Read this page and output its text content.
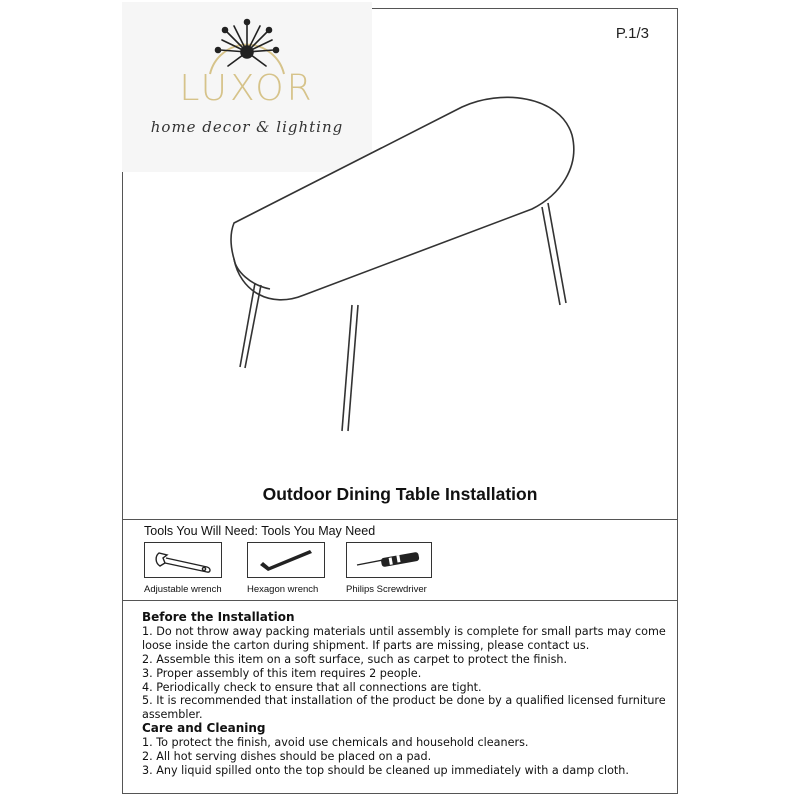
P.1/3
LUXOR
home decor & lighting
Outdoor Dining Table Installation
Tools You Will Need: Tools You May Need
Adjustable wrench	Hexagon wrench	Philips Screwdriver
Before the Installation

1. Do not throw away packing materials until assembly is complete for small parts may come loose inside the carton during shipment. If parts are missing, please contact us.

2. Assemble this item on a soft surface, such as carpet to protect the finish.

3. Proper assembly of this item requires 2 people.

4. Periodically check to ensure that all connections are tight.

5. It is recommended that installation of the product be done by a qualified licensed furniture assembler.

Care and Cleaning

1. To protect the finish, avoid use chemicals and household cleaners.

2. All hot serving dishes should be placed on a pad.

3. Any liquid spilled onto the top should be cleaned up immediately with a damp cloth.
